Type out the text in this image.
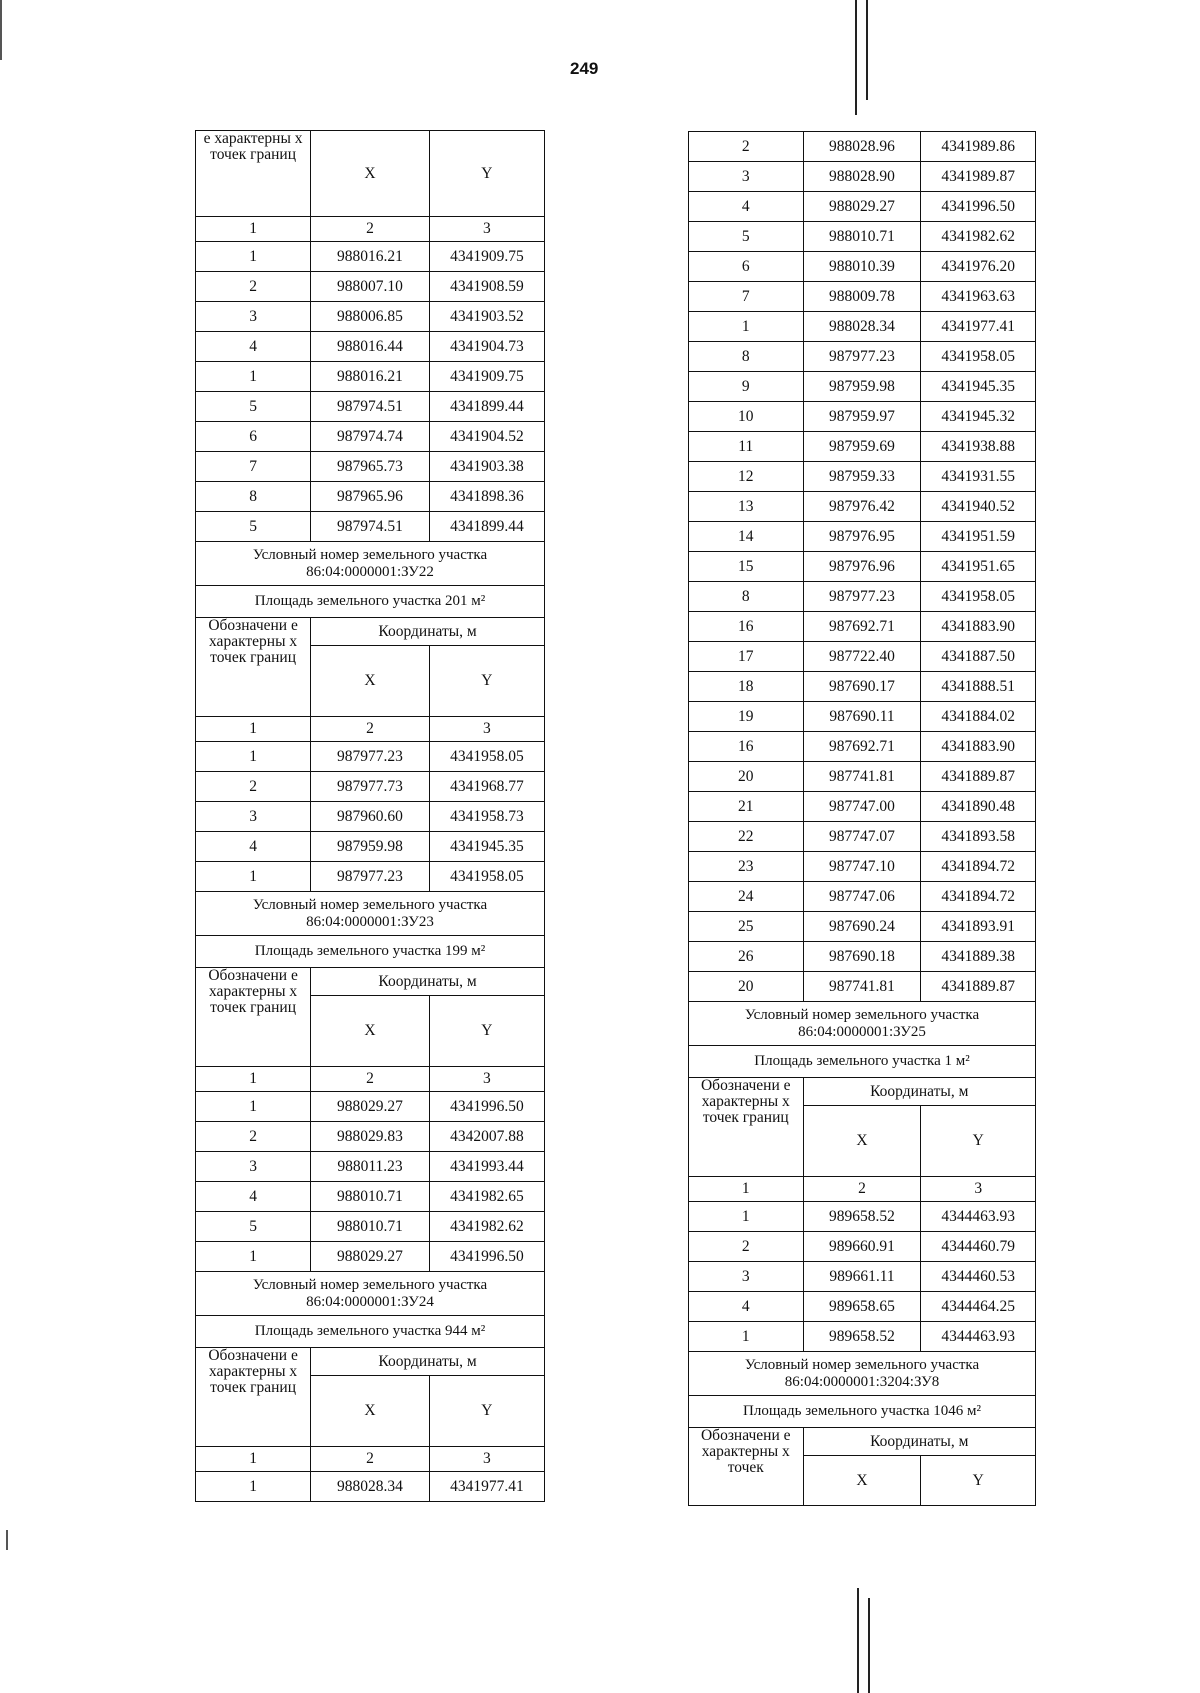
249
е характерны х точек границ	X	Y
1	2	3
1	988016.21	4341909.75
2	988007.10	4341908.59
3	988006.85	4341903.52
4	988016.44	4341904.73
1	988016.21	4341909.75
5	987974.51	4341899.44
6	987974.74	4341904.52
7	987965.73	4341903.38
8	987965.96	4341898.36
5	987974.51	4341899.44
Условный номер земельного участка 86:04:0000001:ЗУ22		
Площадь земельного участка 201 м²		
Обозначени е характерны х точек границ	Координаты, м	
	X	Y
1	2	3
1	987977.23	4341958.05
2	987977.73	4341968.77
3	987960.60	4341958.73
4	987959.98	4341945.35
1	987977.23	4341958.05
Условный номер земельного участка 86:04:0000001:ЗУ23		
Площадь земельного участка 199 м²		
Обозначени е характерны х точек границ	Координаты, м	
	X	Y
1	2	3
1	988029.27	4341996.50
2	988029.83	4342007.88
3	988011.23	4341993.44
4	988010.71	4341982.65
5	988010.71	4341982.62
1	988029.27	4341996.50
Условный номер земельного участка 86:04:0000001:ЗУ24		
Площадь земельного участка 944 м²		
Обозначени е характерны х точек границ	Координаты, м	
	X	Y
1	2	3
1	988028.34	4341977.41
2	988028.96	4341989.86
3	988028.90	4341989.87
4	988029.27	4341996.50
5	988010.71	4341982.62
6	988010.39	4341976.20
7	988009.78	4341963.63
1	988028.34	4341977.41
8	987977.23	4341958.05
9	987959.98	4341945.35
10	987959.97	4341945.32
11	987959.69	4341938.88
12	987959.33	4341931.55
13	987976.42	4341940.52
14	987976.95	4341951.59
15	987976.96	4341951.65
8	987977.23	4341958.05
16	987692.71	4341883.90
17	987722.40	4341887.50
18	987690.17	4341888.51
19	987690.11	4341884.02
16	987692.71	4341883.90
20	987741.81	4341889.87
21	987747.00	4341890.48
22	987747.07	4341893.58
23	987747.10	4341894.72
24	987747.06	4341894.72
25	987690.24	4341893.91
26	987690.18	4341889.38
20	987741.81	4341889.87
Условный номер земельного участка 86:04:0000001:ЗУ25		
Площадь земельного участка 1 м²		
Обозначени е характерны х точек границ	Координаты, м	
	X	Y
1	2	3
1	989658.52	4344463.93
2	989660.91	4344460.79
3	989661.11	4344460.53
4	989658.65	4344464.25
1	989658.52	4344463.93
Условный номер земельного участка 86:04:0000001:3204:ЗУ8		
Площадь земельного участка 1046 м²		
Обозначени е характерны х точек	Координаты, м	
	X	Y
